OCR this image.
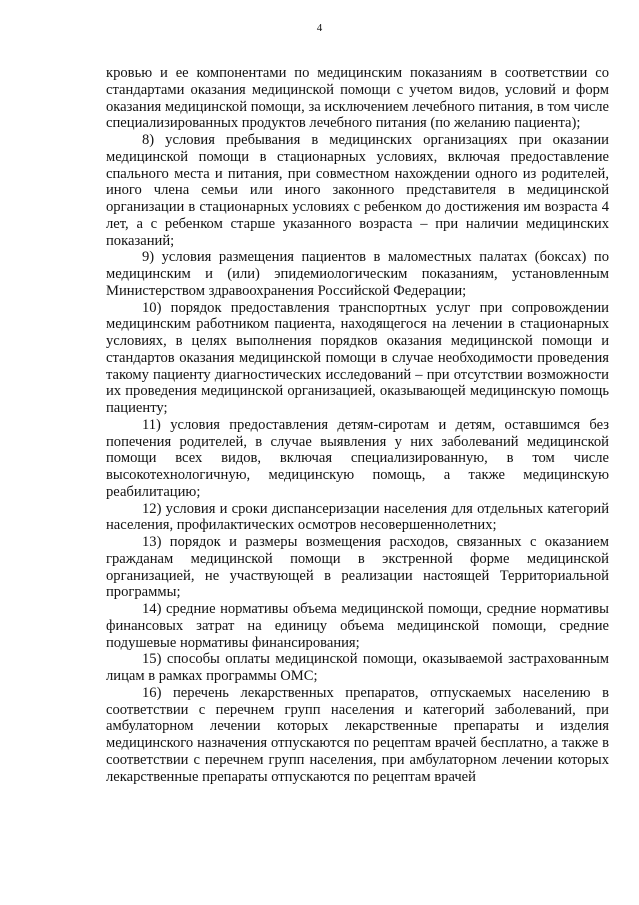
4

кровью и ее компонентами по медицинским показаниям в соответствии со стандартами оказания медицинской помощи с учетом видов, условий и форм оказания медицинской помощи, за исключением лечебного питания, в том числе специализированных продуктов лечебного питания (по желанию пациента);

8) условия пребывания в медицинских организациях при оказании медицинской помощи в стационарных условиях, включая предоставление спального места и питания, при совместном нахождении одного из родителей, иного члена семьи или иного законного представителя в медицинской организации в стационарных условиях с ребенком до достижения им возраста 4 лет, а с ребенком старше указанного возраста – при наличии медицинских показаний;

9) условия размещения пациентов в маломестных палатах (боксах) по медицинским и (или) эпидемиологическим показаниям, установленным Министерством здравоохранения Российской Федерации;

10) порядок предоставления транспортных услуг при сопровождении медицинским работником пациента, находящегося на лечении в стационарных условиях, в целях выполнения порядков оказания медицинской помощи и стандартов оказания медицинской помощи в случае необходимости проведения такому пациенту диагностических исследований – при отсутствии возможности их проведения медицинской организацией, оказывающей медицинскую помощь пациенту;

11) условия предоставления детям-сиротам и детям, оставшимся без попечения родителей, в случае выявления у них заболеваний медицинской помощи всех видов, включая специализированную, в том числе высокотехнологичную, медицинскую помощь, а также медицинскую реабилитацию;

12) условия и сроки диспансеризации населения для отдельных категорий населения, профилактических осмотров несовершеннолетних;

13) порядок и размеры возмещения расходов, связанных с оказанием гражданам медицинской помощи в экстренной форме медицинской организацией, не участвующей в реализации настоящей Территориальной программы;

14) средние нормативы объема медицинской помощи, средние нормативы финансовых затрат на единицу объема медицинской помощи, средние подушевые нормативы финансирования;

15) способы оплаты медицинской помощи, оказываемой застрахованным лицам в рамках программы ОМС;

16) перечень лекарственных препаратов, отпускаемых населению в соответствии с перечнем групп населения и категорий заболеваний, при амбулаторном лечении которых лекарственные препараты и изделия медицинского назначения отпускаются по рецептам врачей бесплатно, а также в соответствии с перечнем групп населения, при амбулаторном лечении которых лекарственные препараты отпускаются по рецептам врачей
